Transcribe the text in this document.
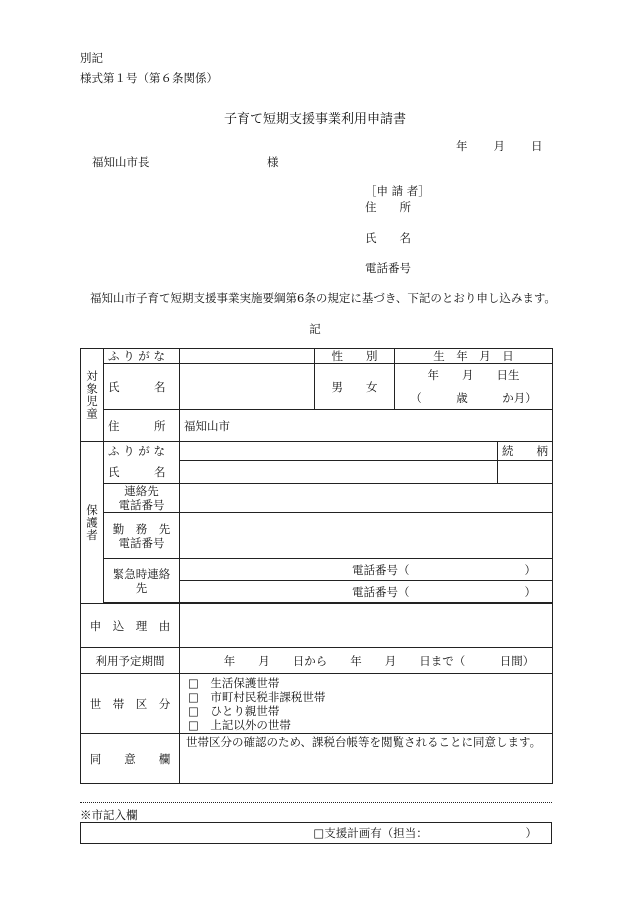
別記
様式第１号（第６条関係）
子育て短期支援事業利用申請書
年　　月　　日
福知山市長	様
［申 請 者］
住　　所
氏　　名
電話番号
福知山市子育て短期支援事業実施要綱第6条の規定に基づき、下記のとおり申し込みます。
記
対象児童	ふ り が な		性　　別	生　年　月　日	
	氏　　　名		男　　女	年　　月　　日生	
				（　　　歳　　　か月）	
	住　　　所	福知山市			
保護者	ふ り が な				続　　柄
	氏　　　名				

	連絡先
電話番号				

	勤　務　先
電話番号				

	緊急時連絡先	電話番号（　　　　　　　　　　）			
		電話番号（　　　　　　　　　　）			

申　込　理　由					
利用予定期間		年　　月　　日から　　年　　月　　日まで（　　　日間）			
世　帯　区　分		□　生活保護世帯
□　市町村民税非課税世帯
□　ひとり親世帯
□　上記以外の世帯			

同　　意　　欄		世帯区分の確認のため、課税台帳等を閲覧されることに同意します。			
※市記入欄
□支援計画有（担当：　　　　　　　　　）
